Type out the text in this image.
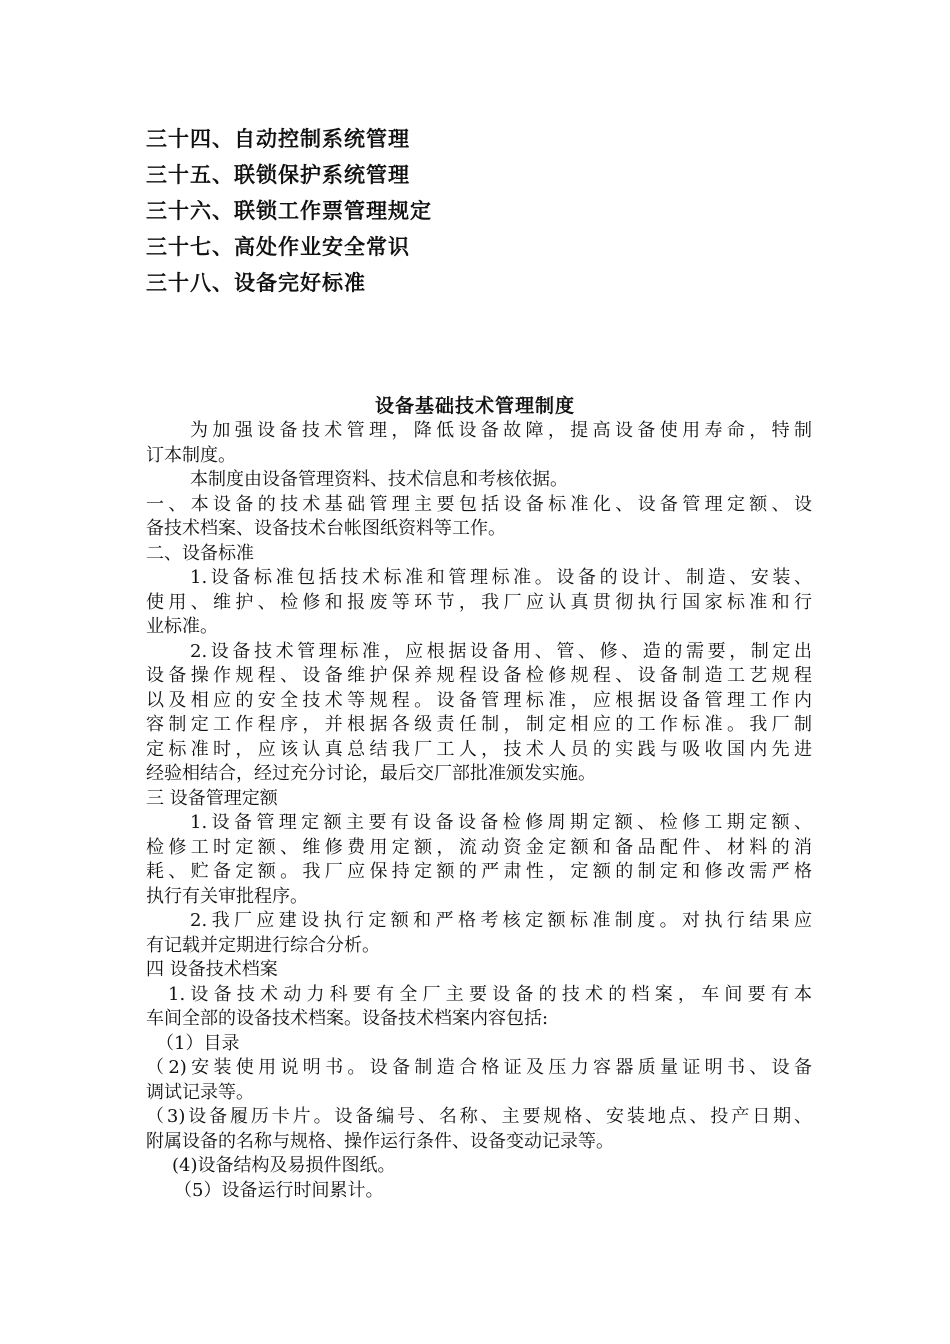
三十四、自动控制系统管理
三十五、联锁保护系统管理
三十六、联锁工作票管理规定
三十七、高处作业安全常识
三十八、设备完好标准
设备基础技术管理制度
为加强设备技术管理，降低设备故障，提高设备使用寿命，特制
订本制度。
本制度由设备管理资料、技术信息和考核依据。
一、本设备的技术基础管理主要包括设备标准化、设备管理定额、设
备技术档案、设备技术台帐图纸资料等工作。
二、设备标准
1.设备标准包括技术标准和管理标准。设备的设计、制造、安装、
使用、维护、检修和报废等环节，我厂应认真贯彻执行国家标准和行
业标准。
2.设备技术管理标准，应根据设备用、管、修、造的需要，制定出
设备操作规程、设备维护保养规程设备检修规程、设备制造工艺规程
以及相应的安全技术等规程。设备管理标准，应根据设备管理工作内
容制定工作程序，并根据各级责任制，制定相应的工作标准。我厂制
定标准时，应该认真总结我厂工人，技术人员的实践与吸收国内先进
经验相结合，经过充分讨论，最后交厂部批准颁发实施。
三 设备管理定额
1.设备管理定额主要有设备设备检修周期定额、检修工期定额、
检修工时定额、维修费用定额，流动资金定额和备品配件、材料的消
耗、贮备定额。我厂应保持定额的严肃性，定额的制定和修改需严格
执行有关审批程序。
2.我厂应建设执行定额和严格考核定额标准制度。对执行结果应
有记载并定期进行综合分析。
四 设备技术档案
1.设备技术动力科要有全厂主要设备的技术的档案，车间要有本
车间全部的设备技术档案。设备技术档案内容包括:
（1）目录
（2)安装使用说明书。设备制造合格证及压力容器质量证明书、设备
调试记录等。
（3)设备履历卡片。设备编号、名称、主要规格、安装地点、投产日期、
附属设备的名称与规格、操作运行条件、设备变动记录等。
(4)设备结构及易损件图纸。
（5）设备运行时间累计。
